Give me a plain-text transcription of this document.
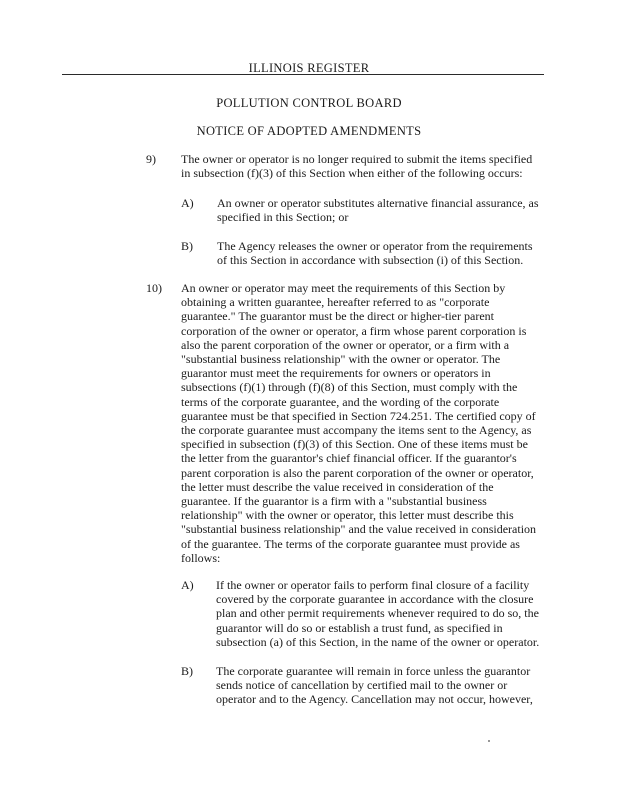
ILLINOIS REGISTER
POLLUTION CONTROL BOARD
NOTICE OF ADOPTED AMENDMENTS
9) The owner or operator is no longer required to submit the items specified
in subsection (f)(3) of this Section when either of the following occurs:
A) An owner or operator substitutes alternative financial assurance, as
specified in this Section; or
B) The Agency releases the owner or operator from the requirements
of this Section in accordance with subsection (i) of this Section.
10) An owner or operator may meet the requirements of this Section by
obtaining a written guarantee, hereafter referred to as "corporate
guarantee." The guarantor must be the direct or higher-tier parent
corporation of the owner or operator, a firm whose parent corporation is
also the parent corporation of the owner or operator, or a firm with a
"substantial business relationship" with the owner or operator. The
guarantor must meet the requirements for owners or operators in
subsections (f)(1) through (f)(8) of this Section, must comply with the
terms of the corporate guarantee, and the wording of the corporate
guarantee must be that specified in Section 724.251. The certified copy of
the corporate guarantee must accompany the items sent to the Agency, as
specified in subsection (f)(3) of this Section. One of these items must be
the letter from the guarantor's chief financial officer. If the guarantor's
parent corporation is also the parent corporation of the owner or operator,
the letter must describe the value received in consideration of the
guarantee. If the guarantor is a firm with a "substantial business
relationship" with the owner or operator, this letter must describe this
"substantial business relationship" and the value received in consideration
of the guarantee. The terms of the corporate guarantee must provide as
follows:
A) If the owner or operator fails to perform final closure of a facility
covered by the corporate guarantee in accordance with the closure
plan and other permit requirements whenever required to do so, the
guarantor will do so or establish a trust fund, as specified in
subsection (a) of this Section, in the name of the owner or operator.
B) The corporate guarantee will remain in force unless the guarantor
sends notice of cancellation by certified mail to the owner or
operator and to the Agency. Cancellation may not occur, however,
